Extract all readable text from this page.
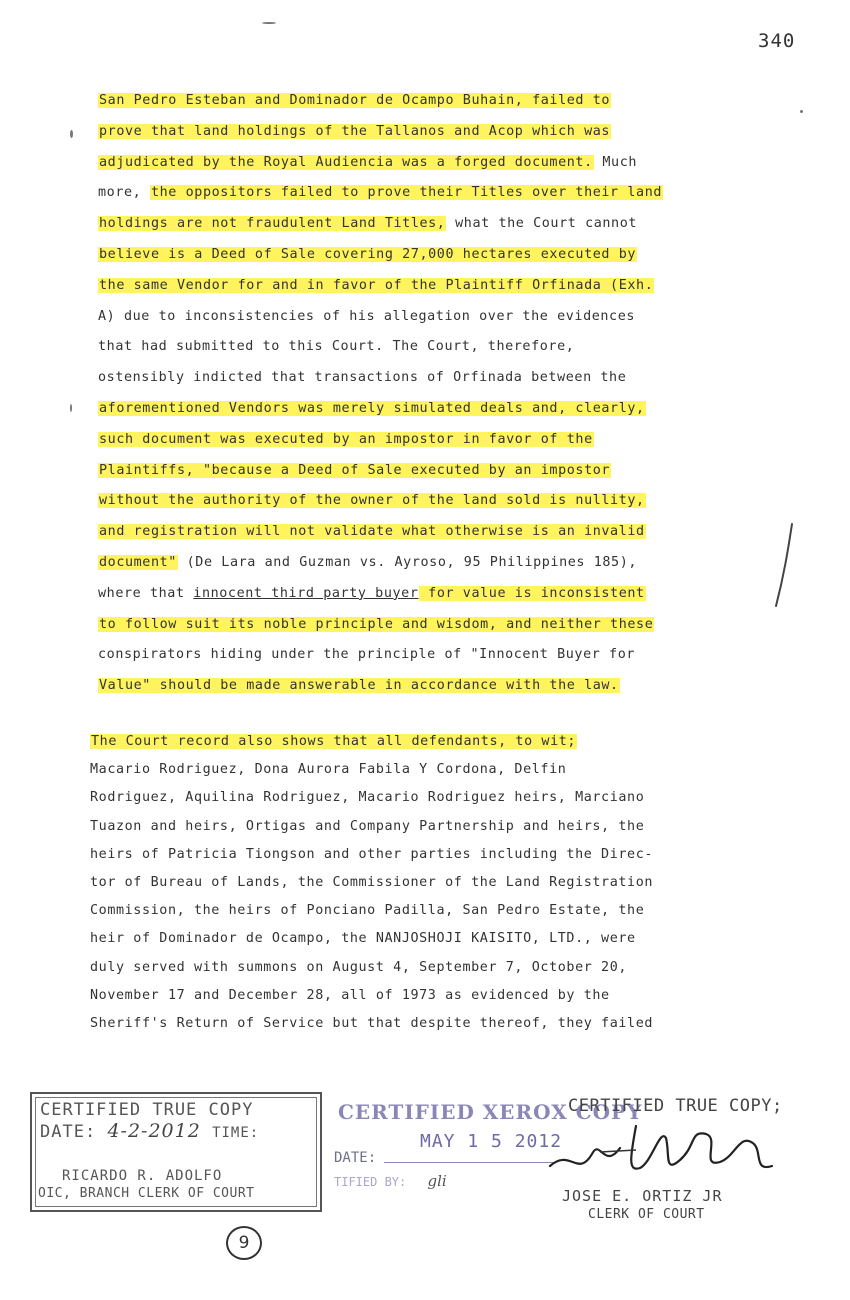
340
San Pedro Esteban and Dominador de Ocampo Buhain, failed to
prove that land holdings of the Tallanos and Acop which was
adjudicated by the Royal Audiencia was a forged document. Much
more, the oppositors failed to prove their Titles over their land
holdings are not fraudulent Land Titles, what the Court cannot
believe is a Deed of Sale covering 27,000 hectares executed by
the same Vendor for and in favor of the Plaintiff Orfinada (Exh.
A) due to inconsistencies of his allegation over the evidences
that had submitted to this Court. The Court, therefore,
ostensibly indicted that transactions of Orfinada between the
aforementioned Vendors was merely simulated deals and, clearly,
such document was executed by an impostor in favor of the
Plaintiffs, "because a Deed of Sale executed by an impostor
without the authority of the owner of the land sold is nullity,
and registration will not validate what otherwise is an invalid
document" (De Lara and Guzman vs. Ayroso, 95 Philippines 185),
where that innocent third party buyer for value is inconsistent
to follow suit its noble principle and wisdom, and neither these
conspirators hiding under the principle of "Innocent Buyer for
Value" should be made answerable in accordance with the law.
The Court record also shows that all defendants, to wit;
Macario Rodriguez, Dona Aurora Fabila Y Cordona, Delfin
Rodriguez, Aquilina Rodriguez, Macario Rodriguez heirs, Marciano
Tuazon and heirs, Ortigas and Company Partnership and heirs, the
heirs of Patricia Tiongson and other parties including the Direc-
tor of Bureau of Lands, the Commissioner of the Land Registration
Commission, the heirs of Ponciano Padilla, San Pedro Estate, the
heir of Dominador de Ocampo, the NANJOSHOJI KAISITO, LTD., were
duly served with summons on August 4, September 7, October 20,
November 17 and December 28, all of 1973 as evidenced by the
Sheriff's Return of Service but that despite thereof, they failed
CERTIFIED TRUE COPY
DATE: 4-2-2012 TIME:
RICARDO R. ADOLFO
OIC, BRANCH CLERK OF COURT
CERTIFIED XEROX COPY
MAY 1 5 2012
DATE:
TIFIED BY: gli
CERTIFIED TRUE COPY;
JOSE E. ORTIZ JR
CLERK OF COURT
9
